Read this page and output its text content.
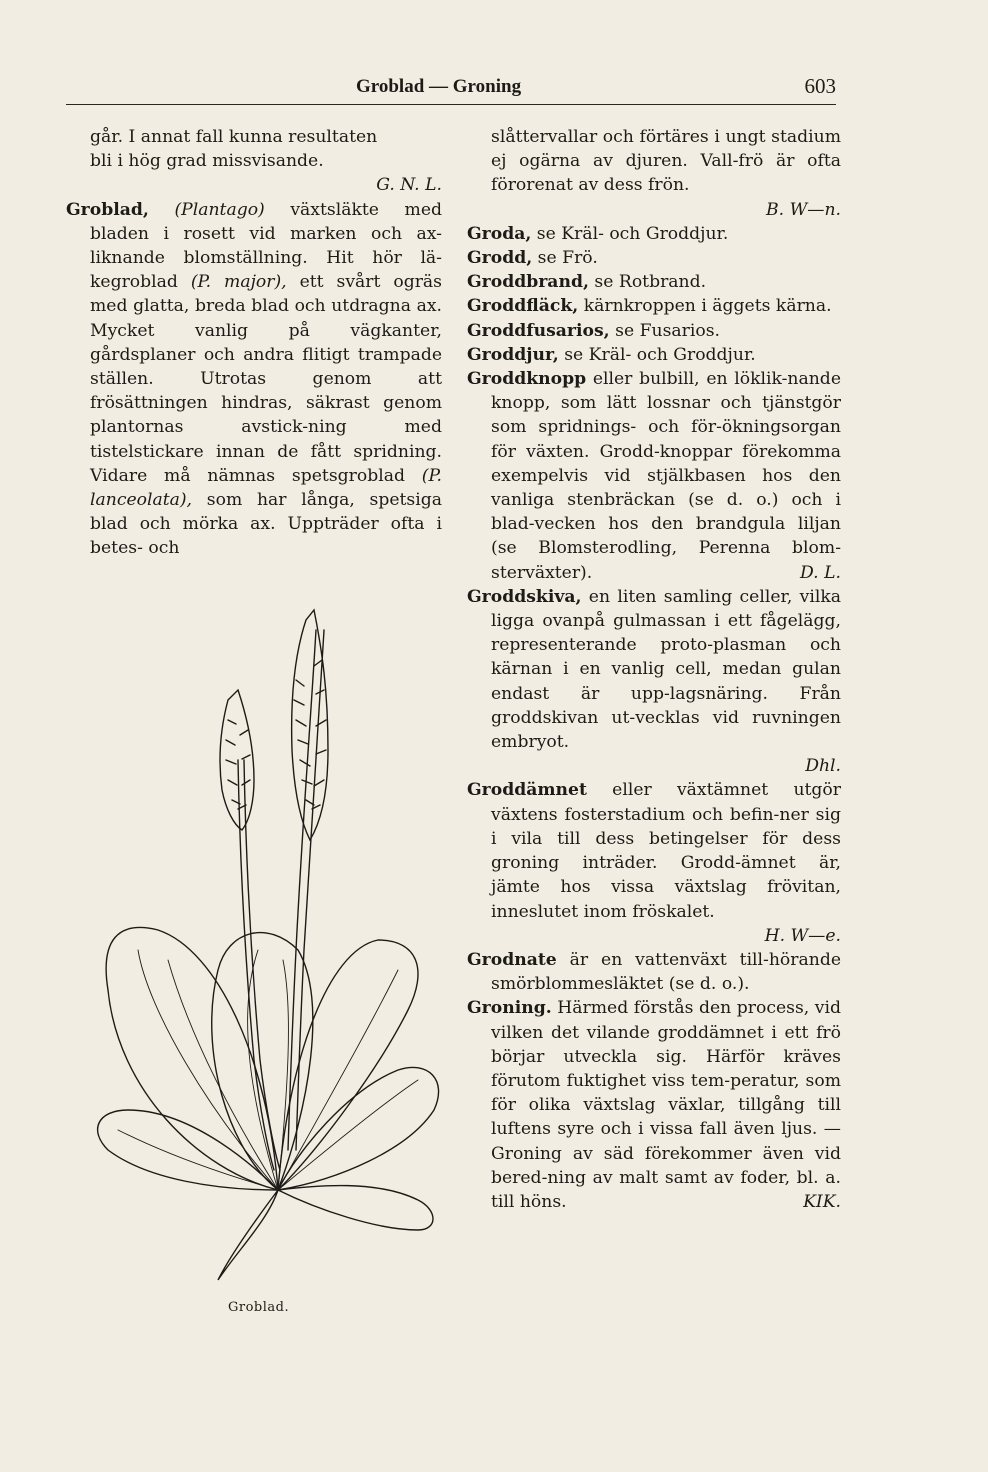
Groblad — Groning	603

går. I annat fall kunna resultaten
bli i hög grad missvisande.

G. N. L.

Groblad, (Plantago) växtsläkte med bladen i rosett vid marken och ax-liknande blomställning. Hit hör lä-kegroblad (P. major), ett svårt ogräs med glatta, breda blad och utdragna ax. Mycket vanlig på vägkanter, gårdsplaner och andra flitigt trampade ställen. Utrotas genom att frösättningen hindras, säkrast genom plantornas avstick-ning med tistelstickare innan de fått spridning. Vidare må nämnas spetsgroblad (P. lanceolata), som har långa, spetsiga blad och mörka ax. Uppträder ofta i betes- och

Groblad.

slåttervallar och förtäres i ungt stadium ej ogärna av djuren. Vall-frö är ofta förorenat av dess frön.

B. W—n.

Groda, se Kräl- och Groddjur.

Grodd, se Frö.

Groddbrand, se Rotbrand.

Groddfläck, kärnkroppen i äggets kärna.

Groddfusarios, se Fusarios.

Groddjur, se Kräl- och Groddjur.

Groddknopp eller bulbill, en löklik-nande knopp, som lätt lossnar och tjänstgör som spridnings- och för-ökningsorgan för växten. Grodd-knoppar förekomma exempelvis vid stjälkbasen hos den vanliga stenbräckan (se d. o.) och i blad-vecken hos den brandgula liljan (se Blomsterodling, Perenna blom-sterväxter).	D. L.

Groddskiva, en liten samling celler, vilka ligga ovanpå gulmassan i ett fågelägg, representerande proto-plasman och kärnan i en vanlig cell, medan gulan endast är upp-lagsnäring. Från groddskivan ut-vecklas vid ruvningen embryot.

Dhl.

Groddämnet eller växtämnet utgör växtens fosterstadium och befin-ner sig i vila till dess betingelser för dess groning inträder. Grodd-ämnet är, jämte hos vissa växtslag frövitan, inneslutet inom fröskalet.

H. W—e.

Grodnate är en vattenväxt till-hörande smörblommesläktet (se d. o.).

Groning. Härmed förstås den process, vid vilken det vilande groddämnet i ett frö börjar utveckla sig. Härför kräves förutom fuktighet viss tem-peratur, som för olika växtslag växlar, tillgång till luftens syre och i vissa fall även ljus. — Groning av säd förekommer även vid bered-ning av malt samt av foder, bl. a. till höns.	KIK.
